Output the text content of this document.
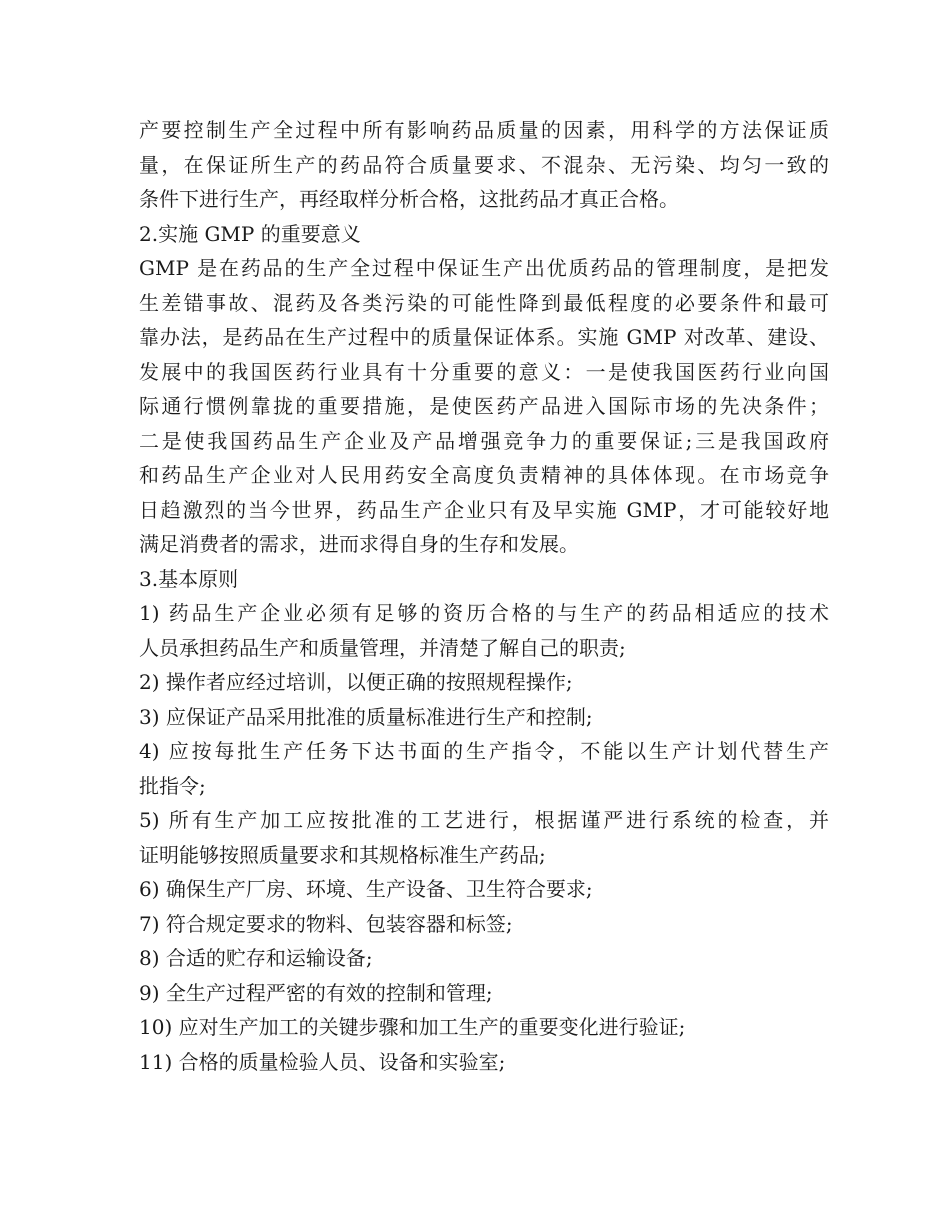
产要控制生产全过程中所有影响药品质量的因素，用科学的方法保证质
量，在保证所生产的药品符合质量要求、不混杂、无污染、均匀一致的
条件下进行生产，再经取样分析合格，这批药品才真正合格。
2.实施 GMP 的重要意义
GMP 是在药品的生产全过程中保证生产出优质药品的管理制度，是把发
生差错事故、混药及各类污染的可能性降到最低程度的必要条件和最可
靠办法，是药品在生产过程中的质量保证体系。实施 GMP 对改革、建设、
发展中的我国医药行业具有十分重要的意义：一是使我国医药行业向国
际通行惯例靠拢的重要措施，是使医药产品进入国际市场的先决条件；
二是使我国药品生产企业及产品增强竞争力的重要保证;三是我国政府
和药品生产企业对人民用药安全高度负责精神的具体体现。在市场竞争
日趋激烈的当今世界，药品生产企业只有及早实施 GMP，才可能较好地
满足消费者的需求，进而求得自身的生存和发展。
3.基本原则
1) 药品生产企业必须有足够的资历合格的与生产的药品相适应的技术
人员承担药品生产和质量管理，并清楚了解自己的职责;
2) 操作者应经过培训，以便正确的按照规程操作;
3) 应保证产品采用批准的质量标准进行生产和控制;
4) 应按每批生产任务下达书面的生产指令，不能以生产计划代替生产
批指令;
5) 所有生产加工应按批准的工艺进行，根据谨严进行系统的检查，并
证明能够按照质量要求和其规格标准生产药品;
6) 确保生产厂房、环境、生产设备、卫生符合要求;
7) 符合规定要求的物料、包装容器和标签;
8) 合适的贮存和运输设备;
9) 全生产过程严密的有效的控制和管理;
10) 应对生产加工的关键步骤和加工生产的重要变化进行验证;
11) 合格的质量检验人员、设备和实验室;
